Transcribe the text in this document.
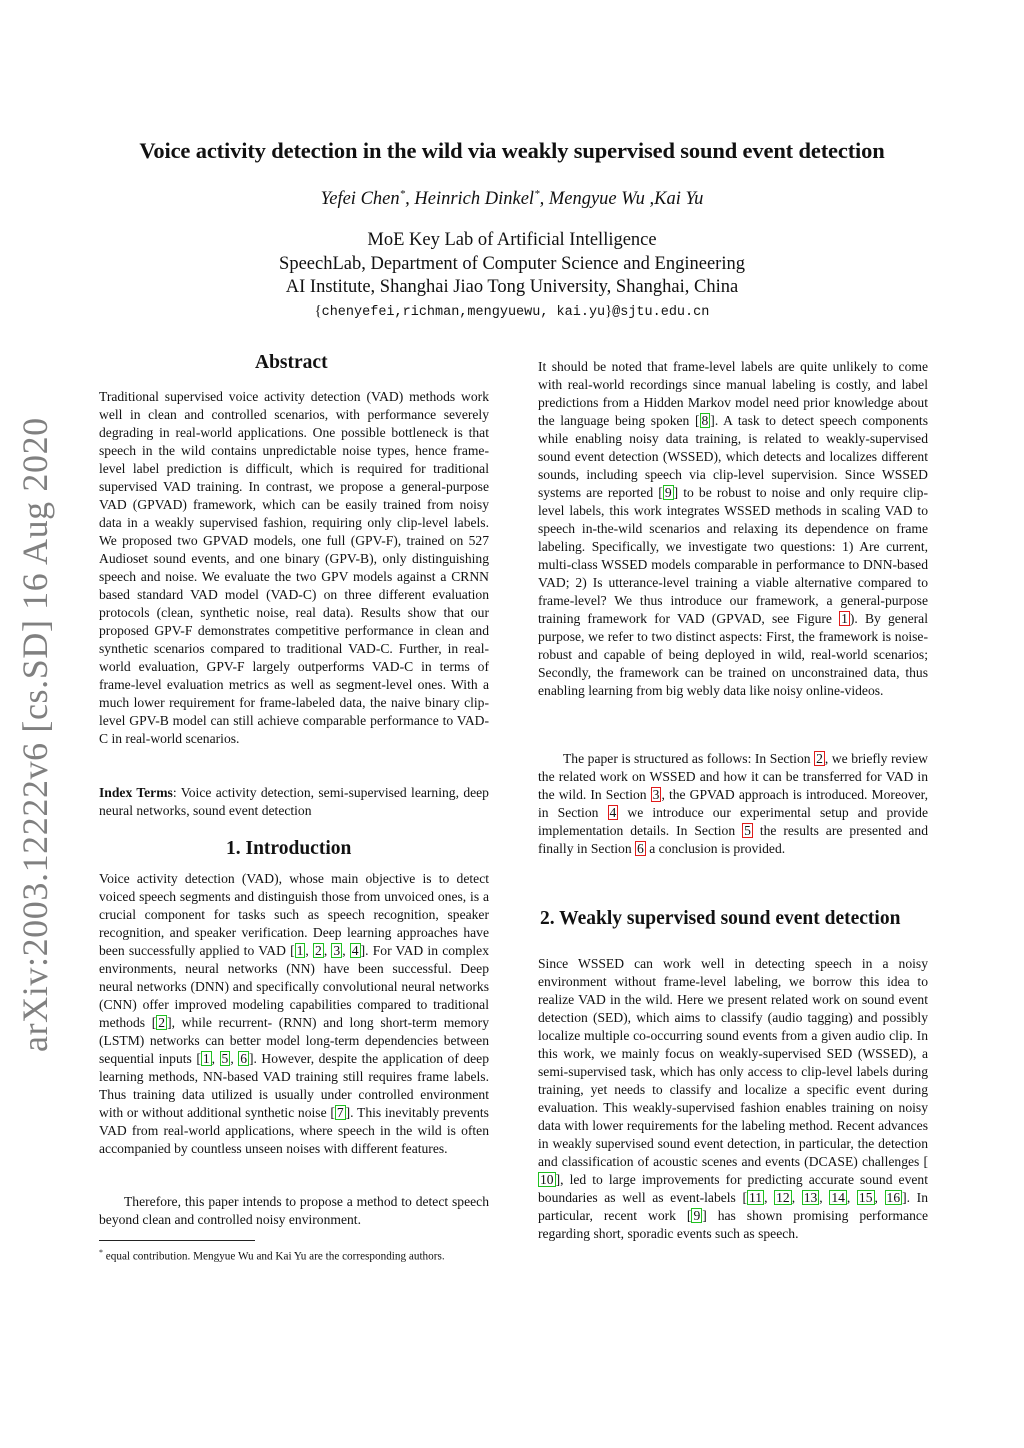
Voice activity detection in the wild via weakly supervised sound event detection
Yefei Chen*, Heinrich Dinkel*, Mengyue Wu ,Kai Yu
MoE Key Lab of Artificial Intelligence
SpeechLab, Department of Computer Science and Engineering
AI Institute, Shanghai Jiao Tong University, Shanghai, China
{chenyefei,richman,mengyuewu, kai.yu}@sjtu.edu.cn
arXiv:2003.12222v6 [cs.SD] 16 Aug 2020
Abstract

Traditional supervised voice activity detection (VAD) methods work well in clean and controlled scenarios, with performance severely degrading in real-world applications. One possible bottleneck is that speech in the wild contains unpredictable noise types, hence frame-level label prediction is difficult, which is required for traditional supervised VAD training. In contrast, we propose a general-purpose VAD (GPVAD) framework, which can be easily trained from noisy data in a weakly supervised fashion, requiring only clip-level labels. We proposed two GPVAD models, one full (GPV-F), trained on 527 Audioset sound events, and one binary (GPV-B), only distinguishing speech and noise. We evaluate the two GPV models against a CRNN based standard VAD model (VAD-C) on three different evaluation protocols (clean, synthetic noise, real data). Results show that our proposed GPV-F demonstrates competitive performance in clean and synthetic scenarios compared to traditional VAD-C. Further, in real-world evaluation, GPV-F largely outperforms VAD-C in terms of frame-level evaluation metrics as well as segment-level ones. With a much lower requirement for frame-labeled data, the naive binary clip-level GPV-B model can still achieve comparable performance to VAD-C in real-world scenarios.

Index Terms: Voice activity detection, semi-supervised learning, deep neural networks, sound event detection

1. Introduction

Voice activity detection (VAD), whose main objective is to detect voiced speech segments and distinguish those from unvoiced ones, is a crucial component for tasks such as speech recognition, speaker recognition, and speaker verification. Deep learning approaches have been successfully applied to VAD [ 1 , 2 , 3 , 4 ]. For VAD in complex environments, neural networks (NN) have been successful. Deep neural networks (DNN) and specifically convolutional neural networks (CNN) offer improved modeling capabilities compared to traditional methods [ 2 ], while recurrent- (RNN) and long short-term memory (LSTM) networks can better model long-term dependencies between sequential inputs [ 1 , 5 , 6 ]. However, despite the application of deep learning methods, NN-based VAD training still requires frame labels. Thus training data utilized is usually under controlled environment with or without additional synthetic noise [ 7 ]. This inevitably prevents VAD from real-world applications, where speech in the wild is often accompanied by countless unseen noises with different features.

Therefore, this paper intends to propose a method to detect speech beyond clean and controlled noisy environment.

* equal contribution. Mengyue Wu and Kai Yu are the corresponding authors.

It should be noted that frame-level labels are quite unlikely to come with real-world recordings since manual labeling is costly, and label predictions from a Hidden Markov model need prior knowledge about the language being spoken [ 8 ]. A task to detect speech components while enabling noisy data training, is related to weakly-supervised sound event detection (WSSED), which detects and localizes different sounds, including speech via clip-level supervision. Since WSSED systems are reported [ 9 ] to be robust to noise and only require clip-level labels, this work integrates WSSED methods in scaling VAD to speech in-the-wild scenarios and relaxing its dependence on frame labeling. Specifically, we investigate two questions: 1) Are current, multi-class WSSED models comparable in performance to DNN-based VAD; 2) Is utterance-level training a viable alternative compared to frame-level? We thus introduce our framework, a general-purpose training framework for VAD (GPVAD, see Figure 1 ). By general purpose, we refer to two distinct aspects: First, the framework is noise-robust and capable of being deployed in wild, real-world scenarios; Secondly, the framework can be trained on unconstrained data, thus enabling learning from big webly data like noisy online-videos.

The paper is structured as follows: In Section 2 , we briefly review the related work on WSSED and how it can be transferred for VAD in the wild. In Section 3 , the GPVAD approach is introduced. Moreover, in Section 4 we introduce our experimental setup and provide implementation details. In Section 5 the results are presented and finally in Section 6 a conclusion is provided.

2. Weakly supervised sound event detection

Since WSSED can work well in detecting speech in a noisy environment without frame-level labeling, we borrow this idea to realize VAD in the wild. Here we present related work on sound event detection (SED), which aims to classify (audio tagging) and possibly localize multiple co-occurring sound events from a given audio clip. In this work, we mainly focus on weakly-supervised SED (WSSED), a semi-supervised task, which has only access to clip-level labels during training, yet needs to classify and localize a specific event during evaluation. This weakly-supervised fashion enables training on noisy data with lower requirements for the labeling method. Recent advances in weakly supervised sound event detection, in particular, the detection and classification of acoustic scenes and events (DCASE) challenges [10 ], led to large improvements for predicting accurate sound event boundaries as well as event-labels [ 11 , 12 , 13 , 14 , 15 , 16 ]. In particular, recent work [ 9 ] has shown promising performance regarding short, sporadic events such as speech.
